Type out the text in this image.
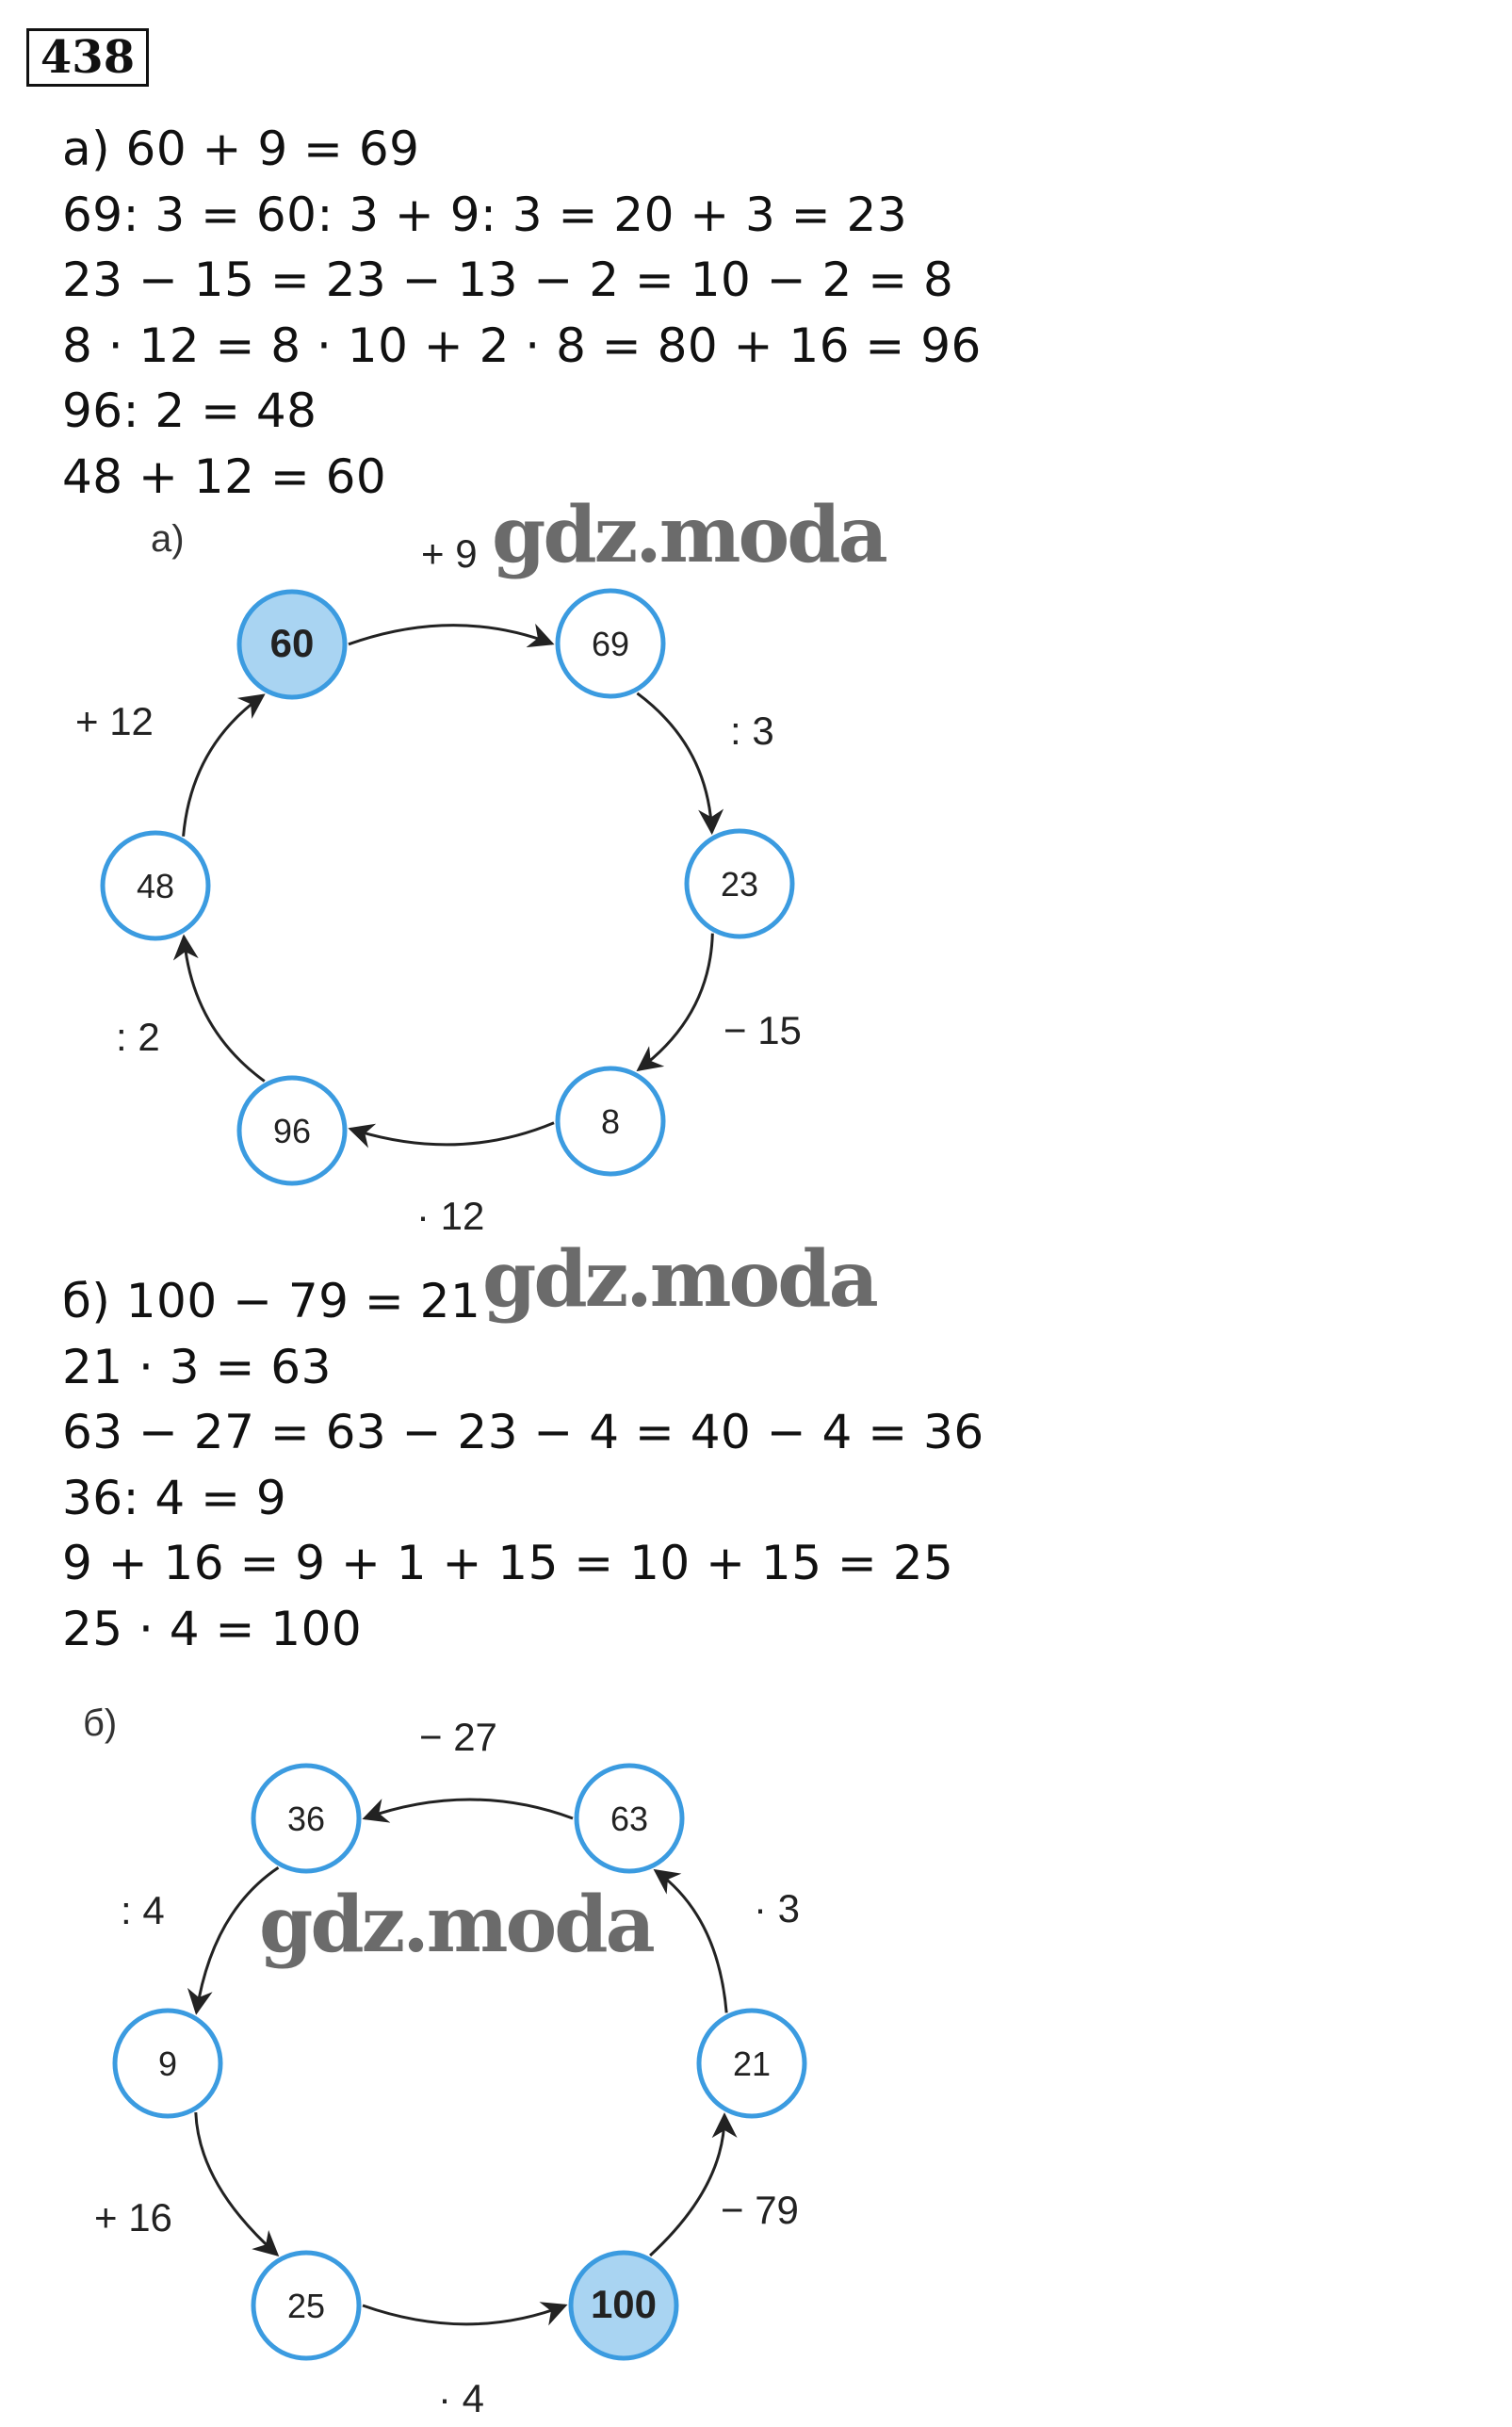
438
а) 60 + 9 = 69
69: 3 = 60: 3 + 9: 3 = 20 + 3 = 23
23 − 15 = 23 − 13 − 2 = 10 − 2 = 8
8 · 12 = 8 · 10 + 2 · 8 = 80 + 16 = 96
96: 2 = 48
48 + 12 = 60
а)	+ 9
: 3
− 15
· 12
: 2
+ 12
60	69
23
8
96
48
б) 100 − 79 = 21
21 · 3 = 63
63 − 27 = 63 − 23 − 4 = 40 − 4 = 36
36: 4 = 9
9 + 16 = 9 + 1 + 15 = 10 + 15 = 25
25 · 4 = 100
б)
− 79
· 3
− 27
: 4
+ 16
· 4
100
21
63
36
9
25
gdz.moda
gdz.moda
gdz.moda
